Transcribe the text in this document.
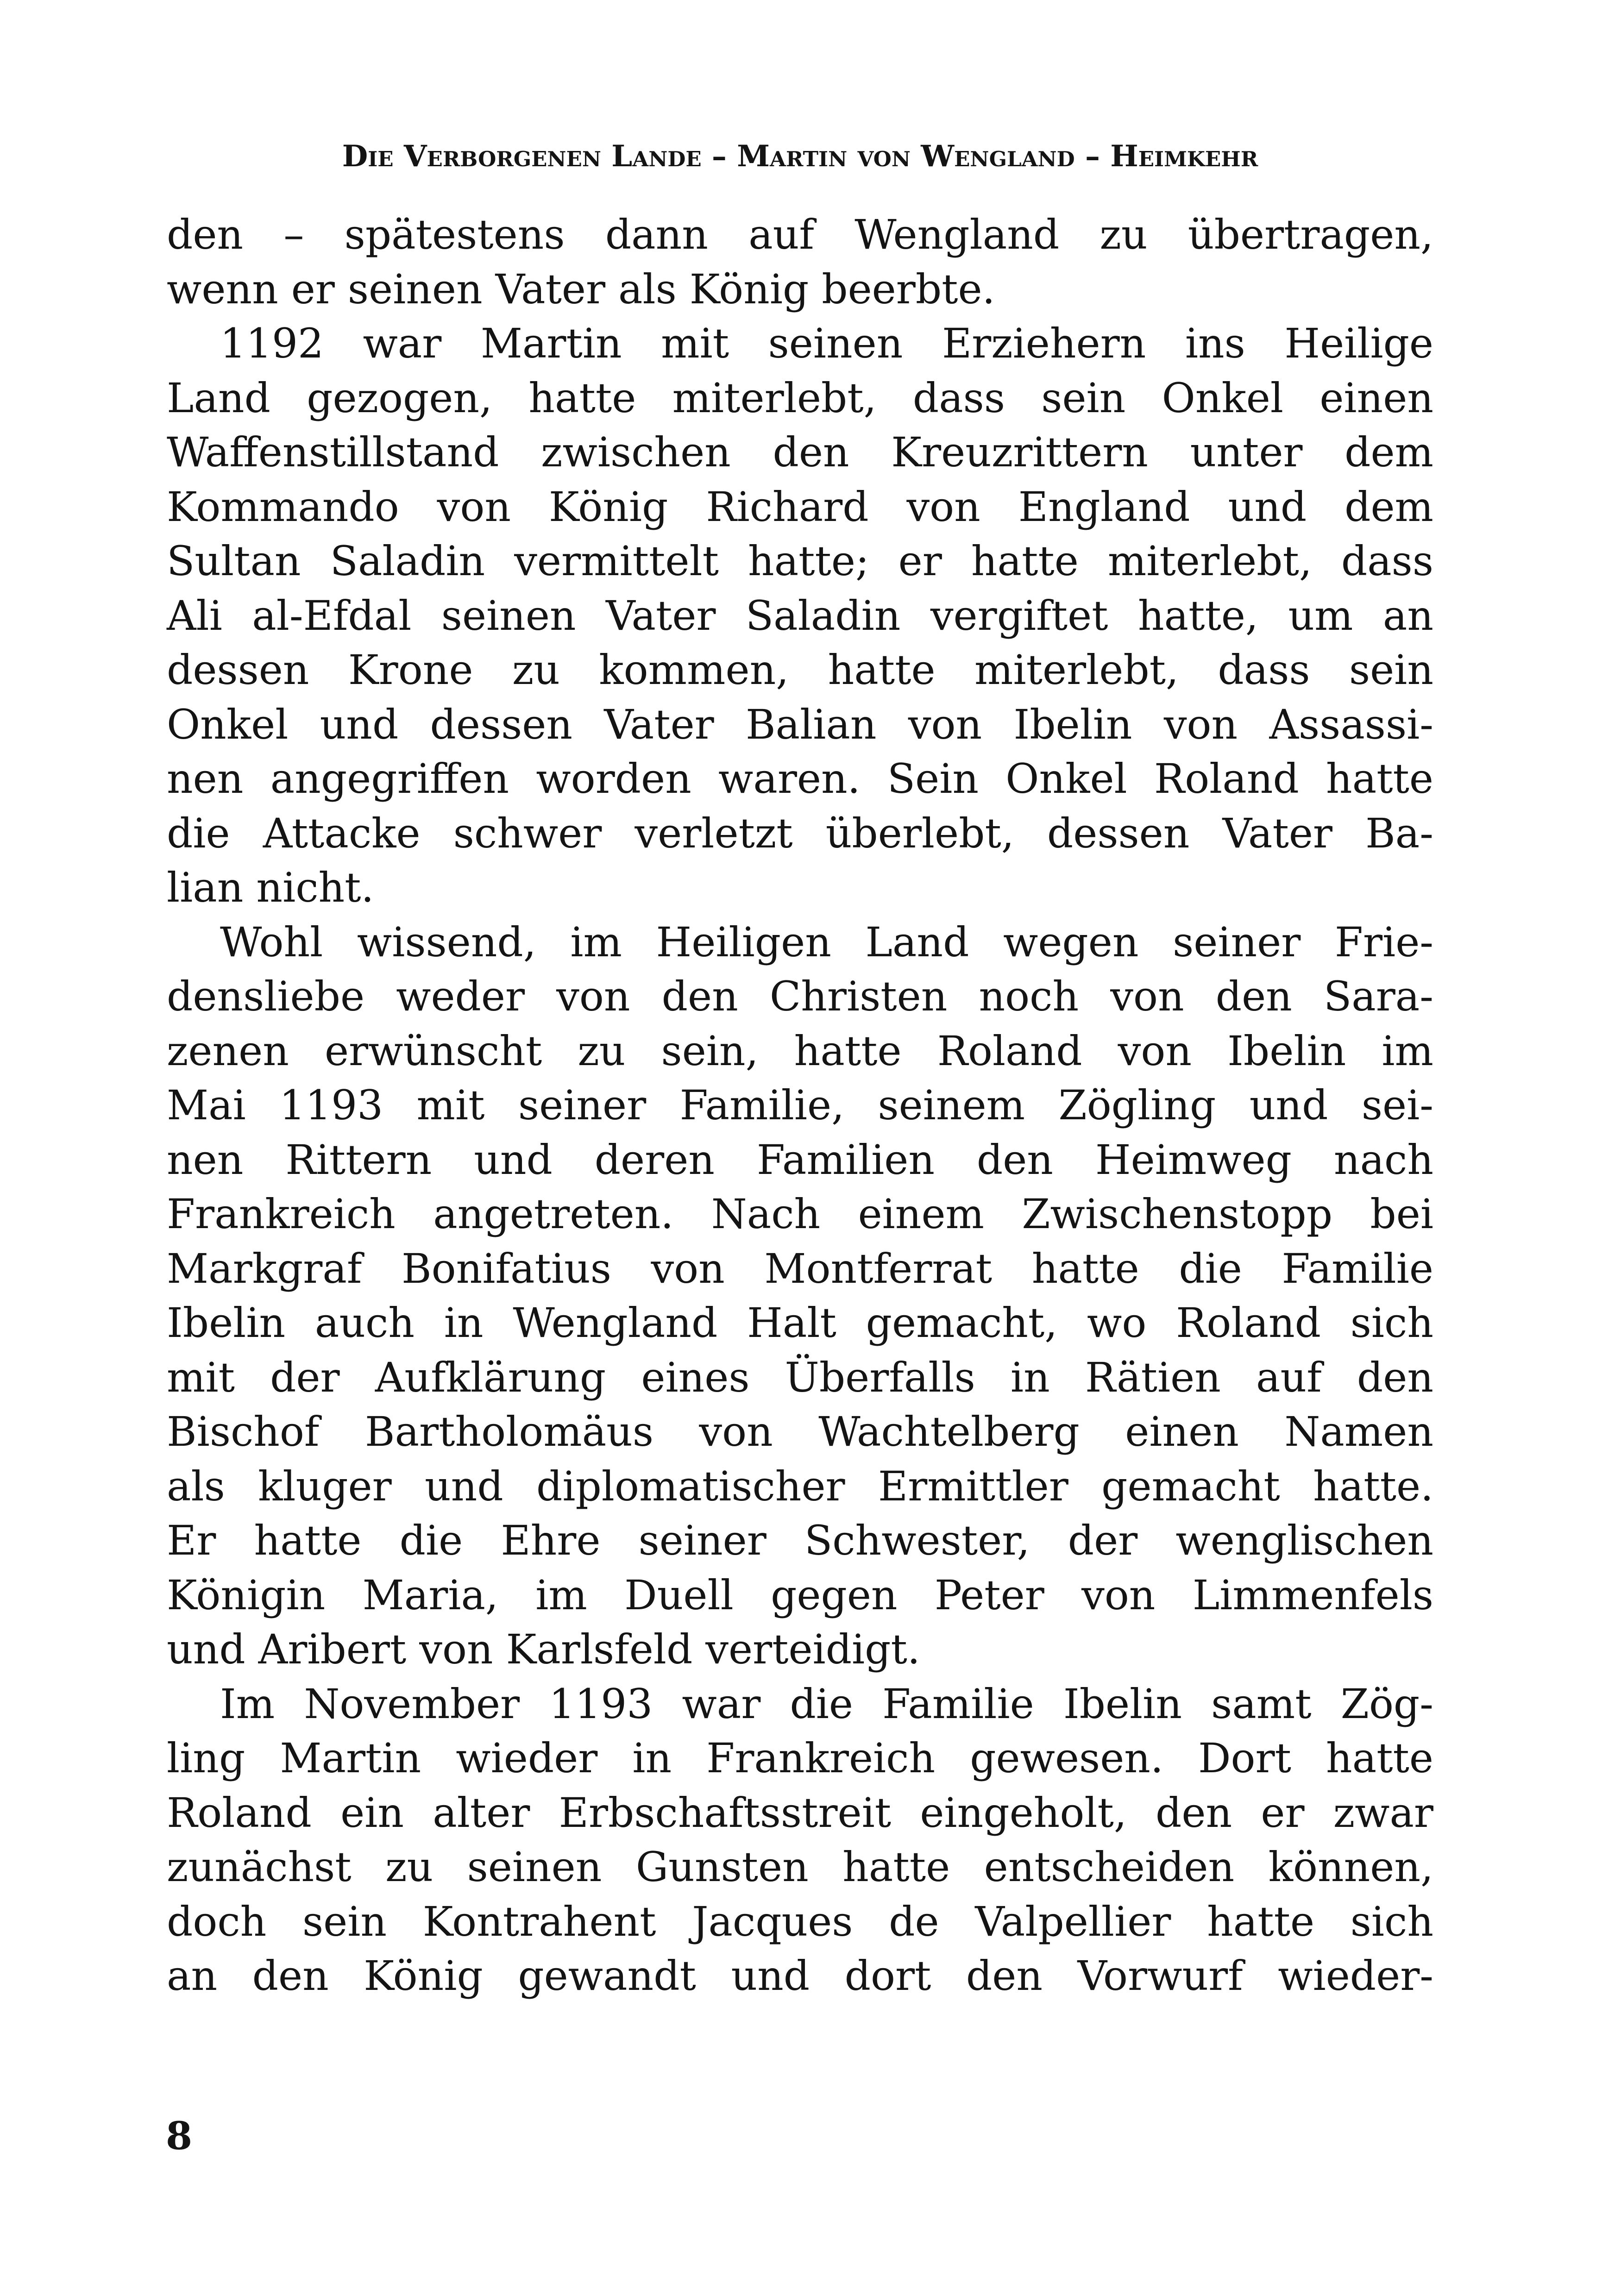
Die Verborgenen Lande – Martin von Wengland – Heimkehr
den – spätestens dann auf Wengland zu übertragen,
wenn er seinen Vater als König beerbte.
1192 war Martin mit seinen Erziehern ins Heilige
Land gezogen, hatte miterlebt, dass sein Onkel einen
Waffenstillstand zwischen den Kreuzrittern unter dem
Kommando von König Richard von England und dem
Sultan Saladin vermittelt hatte; er hatte miterlebt, dass
Ali al-Efdal seinen Vater Saladin vergiftet hatte, um an
dessen Krone zu kommen, hatte miterlebt, dass sein
Onkel und dessen Vater Balian von Ibelin von Assassi-
nen angegriffen worden waren. Sein Onkel Roland hatte
die Attacke schwer verletzt überlebt, dessen Vater Ba-
lian nicht.
Wohl wissend, im Heiligen Land wegen seiner Frie-
densliebe weder von den Christen noch von den Sara-
zenen erwünscht zu sein, hatte Roland von Ibelin im
Mai 1193 mit seiner Familie, seinem Zögling und sei-
nen Rittern und deren Familien den Heimweg nach
Frankreich angetreten. Nach einem Zwischenstopp bei
Markgraf Bonifatius von Montferrat hatte die Familie
Ibelin auch in Wengland Halt gemacht, wo Roland sich
mit der Aufklärung eines Überfalls in Rätien auf den
Bischof Bartholomäus von Wachtelberg einen Namen
als kluger und diplomatischer Ermittler gemacht hatte.
Er hatte die Ehre seiner Schwester, der wenglischen
Königin Maria, im Duell gegen Peter von Limmenfels
und Aribert von Karlsfeld verteidigt.
Im November 1193 war die Familie Ibelin samt Zög-
ling Martin wieder in Frankreich gewesen. Dort hatte
Roland ein alter Erbschaftsstreit eingeholt, den er zwar
zunächst zu seinen Gunsten hatte entscheiden können,
doch sein Kontrahent Jacques de Valpellier hatte sich
an den König gewandt und dort den Vorwurf wieder-
8
